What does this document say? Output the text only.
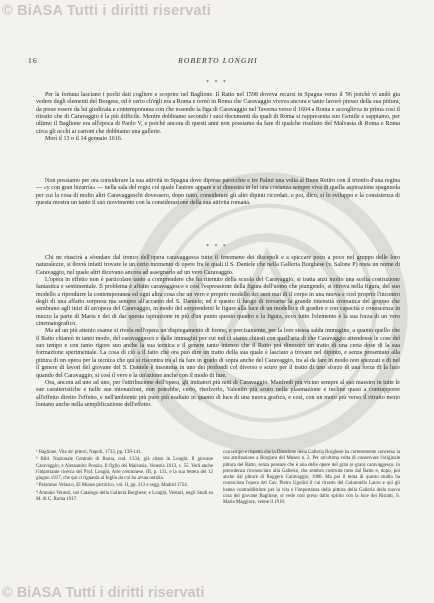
© BiASA Tutti i diritti riservati
16	ROBERTO LONGHI
* * *

Per la fortuna lasciano i pochi dati cogliere e scoprire nel Baglione. Il Ratto nel 1598 doveva recarsi in Spagna verso il '96 poichè vi andò gia vedere degli elementi del Borgese, ed è certo ch'egli era a Roma e tornò in Roma che Caravaggio viveva ancora e tanto lavorò presso della sua pittura, da prese essere da lui giudicata e contemporanea con che essendo la figa di Caravaggio nel Taverna verso il 1604 a Roma e accoglieva in prima così il ritratto che di Caravaggio è la più difficile. Mentre dobbiamo secondo i suoi documenti da quali di Roma si rappresenta suo Gentile e sappiamo, per ultimo il Baglione era all'epoca di Paolo V, e poichè ancora di questi anni non possiamo da fare di qualche risultato del Malvasia di Roma e Roma circa gli occhi ai cartoni che dobbiamo una gallerie.

Morì il 13 o il 14 gennaio 1616.

Non possiamo per ora considerare la sua attività in Spagna dove dipinse parecchie e tre Palmi una volta al Buen Retiro con il trionfo d'una regina — «y con gran bizarría» — nella sala del regio col quale l'autore appare e si dimostra in lui una costanza sempre viva di quella aspirazione spagnuola per cui la cosa di molto altri Caravaggeschi dovessero, dopo tutto, considerare gli altri dipinti ricordati. e poi, dico, si lo sviluppo e la consistenza di questa mostra un tanto il suo movimento con la considerazione della sua attività romana.

* * *

Chi ne riuscirà a sfondare dal tronco dell'opera caravaggesca tutto il fenomeno dei discepoli e a spiccare poco a poco nel gruppo delle loro naturalezze, si dovrà infatti trovare le un certo momento di opere fra le quali il S. Daniele che nella Galleria Borghese (v. Salone P) resta un nome di Caravaggio, nel quale altri dicevano ancora ad assegnarlo ad un vero Caravaggio.

L'opera in effetto non è particolare tanto a comprendere che ha ritenuto della scuola del Caravaggio, si tratta anzi molto una scelta costruzione fantastica e sentimentale. Il problema è affatto caravaggesco e così l'espressione della figura dell'uomo che piangendo, si ritrova nella figura, del suo modello a riprodurre la contemporanea ed ogni altra cosa che un vero e proprio modello dei suoi mai di il corpo in una nuova e così proprio l'incontro degli di una affatto sorpresa ma sempre all'accanto del S. Daniele; ed è questo il luogo di trovarne la grande intensità cromatica del gruppo che sembrano agli inizi di un'opera del Caravaggio, in modo del sorprendersi le figure alla luce di un modello e di gradire e con capacità e conoscenza in mezzo la parte di Maria e dei di dar questa ispirazione in più d'un punto questo quadro e la figura, ecco tutto l'elemento e la sua forza di un vero cinematografico.

Ma ad un più attento esame si rivela nell'opera un dispiegamento di forme, e precisamente, per la loro stessa salda immagine, a quanto quello che il Ratto chiamò in tanto modo, del caravaggesco e dalle immagini per cui noi ci siamo chiesti con quell'aria di che Caravaggio attendesse le cose del suo tempo e con tanto rigore suo anche la sua tecnica e il genere tanto intenso che il Ratto poi dimostrò un tratto di una certa dose di la sua formazione sperimentale. La cosa di ciò a il fatto che ora può dire un tratto della sua quale è lasciato a trovare nel dipinto, e senza presentato alla pittura di un opera per la tecnica che qui si riscontra tra al da fare in grado di sopra anche del Caravaggio, tra al da fare in modo non spezzati e di nel il genere di lavori del giovane del S. Daniele è insomma in uno dei profondi col diverso e scuro per il tratto di uno sforzo di una forza di la luce quando del Caravaggio, si così il vero e la un'azione anche con il modo di fare.

Ora, ancora ad uno ad uno, per l'attribuzione dell'opera, gli imitatori più noti di Caravaggio. Manfredi più vicino sempre al suo maestro in tutte le sue caratteristiche e nelle sue intonazioni, non potrebbe, certo, risolverlo, Valentin più scuro nella plasmazione e incline quasi a contrapporre all'effetto diretto l'effetto, e nell'ambiente più puro più esaltato in quanto di luce di una nuova grafica, e così, con un moto più verso il ritratto meno lontano anche nella semplificazione dell'effetto.

¹ Baglione, Vite de' pittori, Napoli, 1733, pp. 139-141.

² Bibl. Nazionale Centrale di Roma, cod. 1334, già citato in Longhi, Il giovane Caravaggio; e Alessandro Ponzio, Il figlio del Malvasia, Venezia 1613, c. 55. Vedi anche l'importante ricerca del Prof. Longhi, Arte cremonese, III, p. 131, e la sua lettera del 12 giugno 1917, che qui ci riguarda al foglio da cui ho avuta notizia.

³ Palomino Velasco, El Museo pictórico, vol. II, pp. 313 e segg. Madrid 1724.

⁴ Antonio Venturi, nel Catalogo della Galleria Borghese; e Longhi, Venturi, negli Studi su M. di C. Roma 1917.

con tempo e rispetto che la Direzione della Galleria Borghese ha cortesemente concesso la sua attribuzione a Borgiani del Museo n. 2. Per un'ultima volta di conservare l'originale pittura del Ratto, senza pensare che è una delle opere del gran (e gran) caravaggesco, in precedenza riconosciuto alla Galleria, che sembra costruita tutto dal Ratto e, dopo, poi anche dal pittore di Ruggero Caravaggio, 1908. Ma poi il tema di questo studio ha conosciuta l'opera del Cav. Pietro Ugolini il cui ritratto del Colonnello Lauro e qui gli hanno contraddistinto per la vita e l'importanza della pittura della Galleria della nuova cosa del giovane Baglione, si vede così preso dallo spirito con la luce dei Ritratti, S. Maria Maggiore, venne il 1910.

© BiASA Tutti i diritti riservati
